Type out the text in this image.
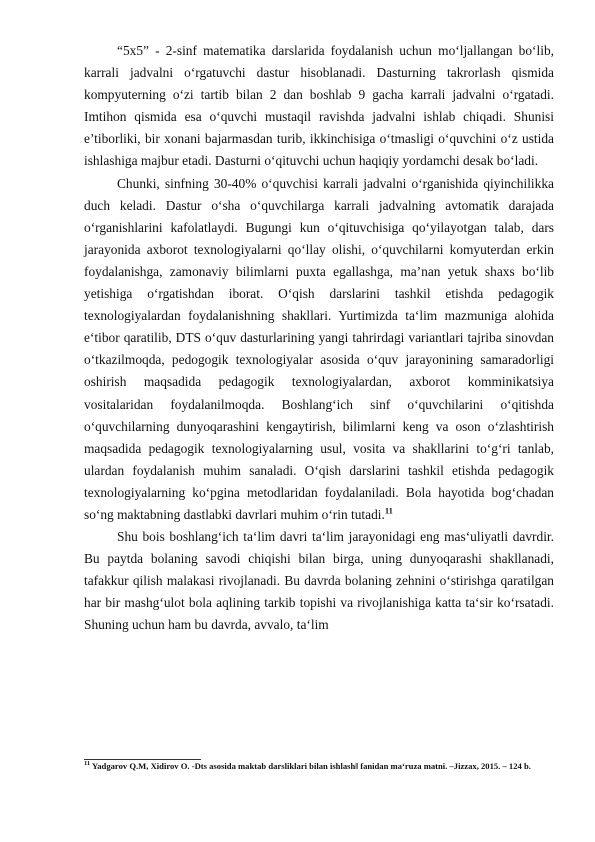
“5x5” - 2-sinf matematika darslarida foydalanish uchun mo‘ljallangan bo‘lib, karrali jadvalni o‘rgatuvchi dastur hisoblanadi. Dasturning takrorlash qismida kompyuterning o‘zi tartib bilan 2 dan boshlab 9 gacha karrali jadvalni o‘rgatadi. Imtihon qismida esa o‘quvchi mustaqil ravishda jadvalni ishlab chiqadi. Shunisi e’tiborliki, bir xonani bajarmasdan turib, ikkinchisiga o‘tmasligi o‘quvchini o‘z ustida ishlashiga majbur etadi. Dasturni o‘qituvchi uchun haqiqiy yordamchi desak bo‘ladi.

Chunki, sinfning 30-40% o‘quvchisi karrali jadvalni o‘rganishida qiyinchilikka duch keladi. Dastur o‘sha o‘quvchilarga karrali jadvalning avtomatik darajada o‘rganishlarini kafolatlaydi. Bugungi kun o‘qituvchisiga qo‘yilayotgan talab, dars jarayonida axborot texnologiyalarni qo‘llay olishi, o‘quvchilarni komyuterdan erkin foydalanishga, zamonaviy bilimlarni puxta egallashga, ma’nan yetuk shaxs bo‘lib yetishiga o‘rgatishdan iborat. O‘qish darslarini tashkil etishda pedagogik texnologiyalardan foydalanishning shakllari. Yurtimizda ta‘lim mazmuniga alohida e‘tibor qaratilib, DTS o‘quv dasturlarining yangi tahrirdagi variantlari tajriba sinovdan o‘tkazilmoqda, pedogogik texnologiyalar asosida o‘quv jarayonining samaradorligi oshirish maqsadida pedagogik texnologiyalardan, axborot komminikatsiya vositalaridan foydalanilmoqda. Boshlang‘ich sinf o‘quvchilarini o‘qitishda o‘quvchilarning dunyoqarashini kengaytirish, bilimlarni keng va oson o‘zlashtirish maqsadida pedagogik texnologiyalarning usul, vosita va shakllarini to‘g‘ri tanlab, ulardan foydalanish muhim sanaladi. O‘qish darslarini tashkil etishda pedagogik texnologiyalarning ko‘pgina metodlaridan foydalaniladi. Bola hayotida bog‘chadan so‘ng maktabning dastlabki davrlari muhim o‘rin tutadi.$^{11}$

Shu bois boshlang‘ich ta‘lim davri ta‘lim jarayonidagi eng mas‘uliyatli davrdir. Bu paytda bolaning savodi chiqishi bilan birga, uning dunyoqarashi shakllanadi, tafakkur qilish malakasi rivojlanadi. Bu davrda bolaning zehnini o‘stirishga qaratilgan har bir mashg‘ulot bola aqlining tarkib topishi va rivojlanishiga katta ta‘sir ko‘rsatadi. Shuning uchun ham bu davrda, avvalo, ta‘lim

$^{11}$ Yadgarov Q.M, Xidirov O. -Dts asosida maktab darsliklari bilan ishlash‖ fanidan ma‘ruza matni. –Jizzax, 2015. – 124 b.
